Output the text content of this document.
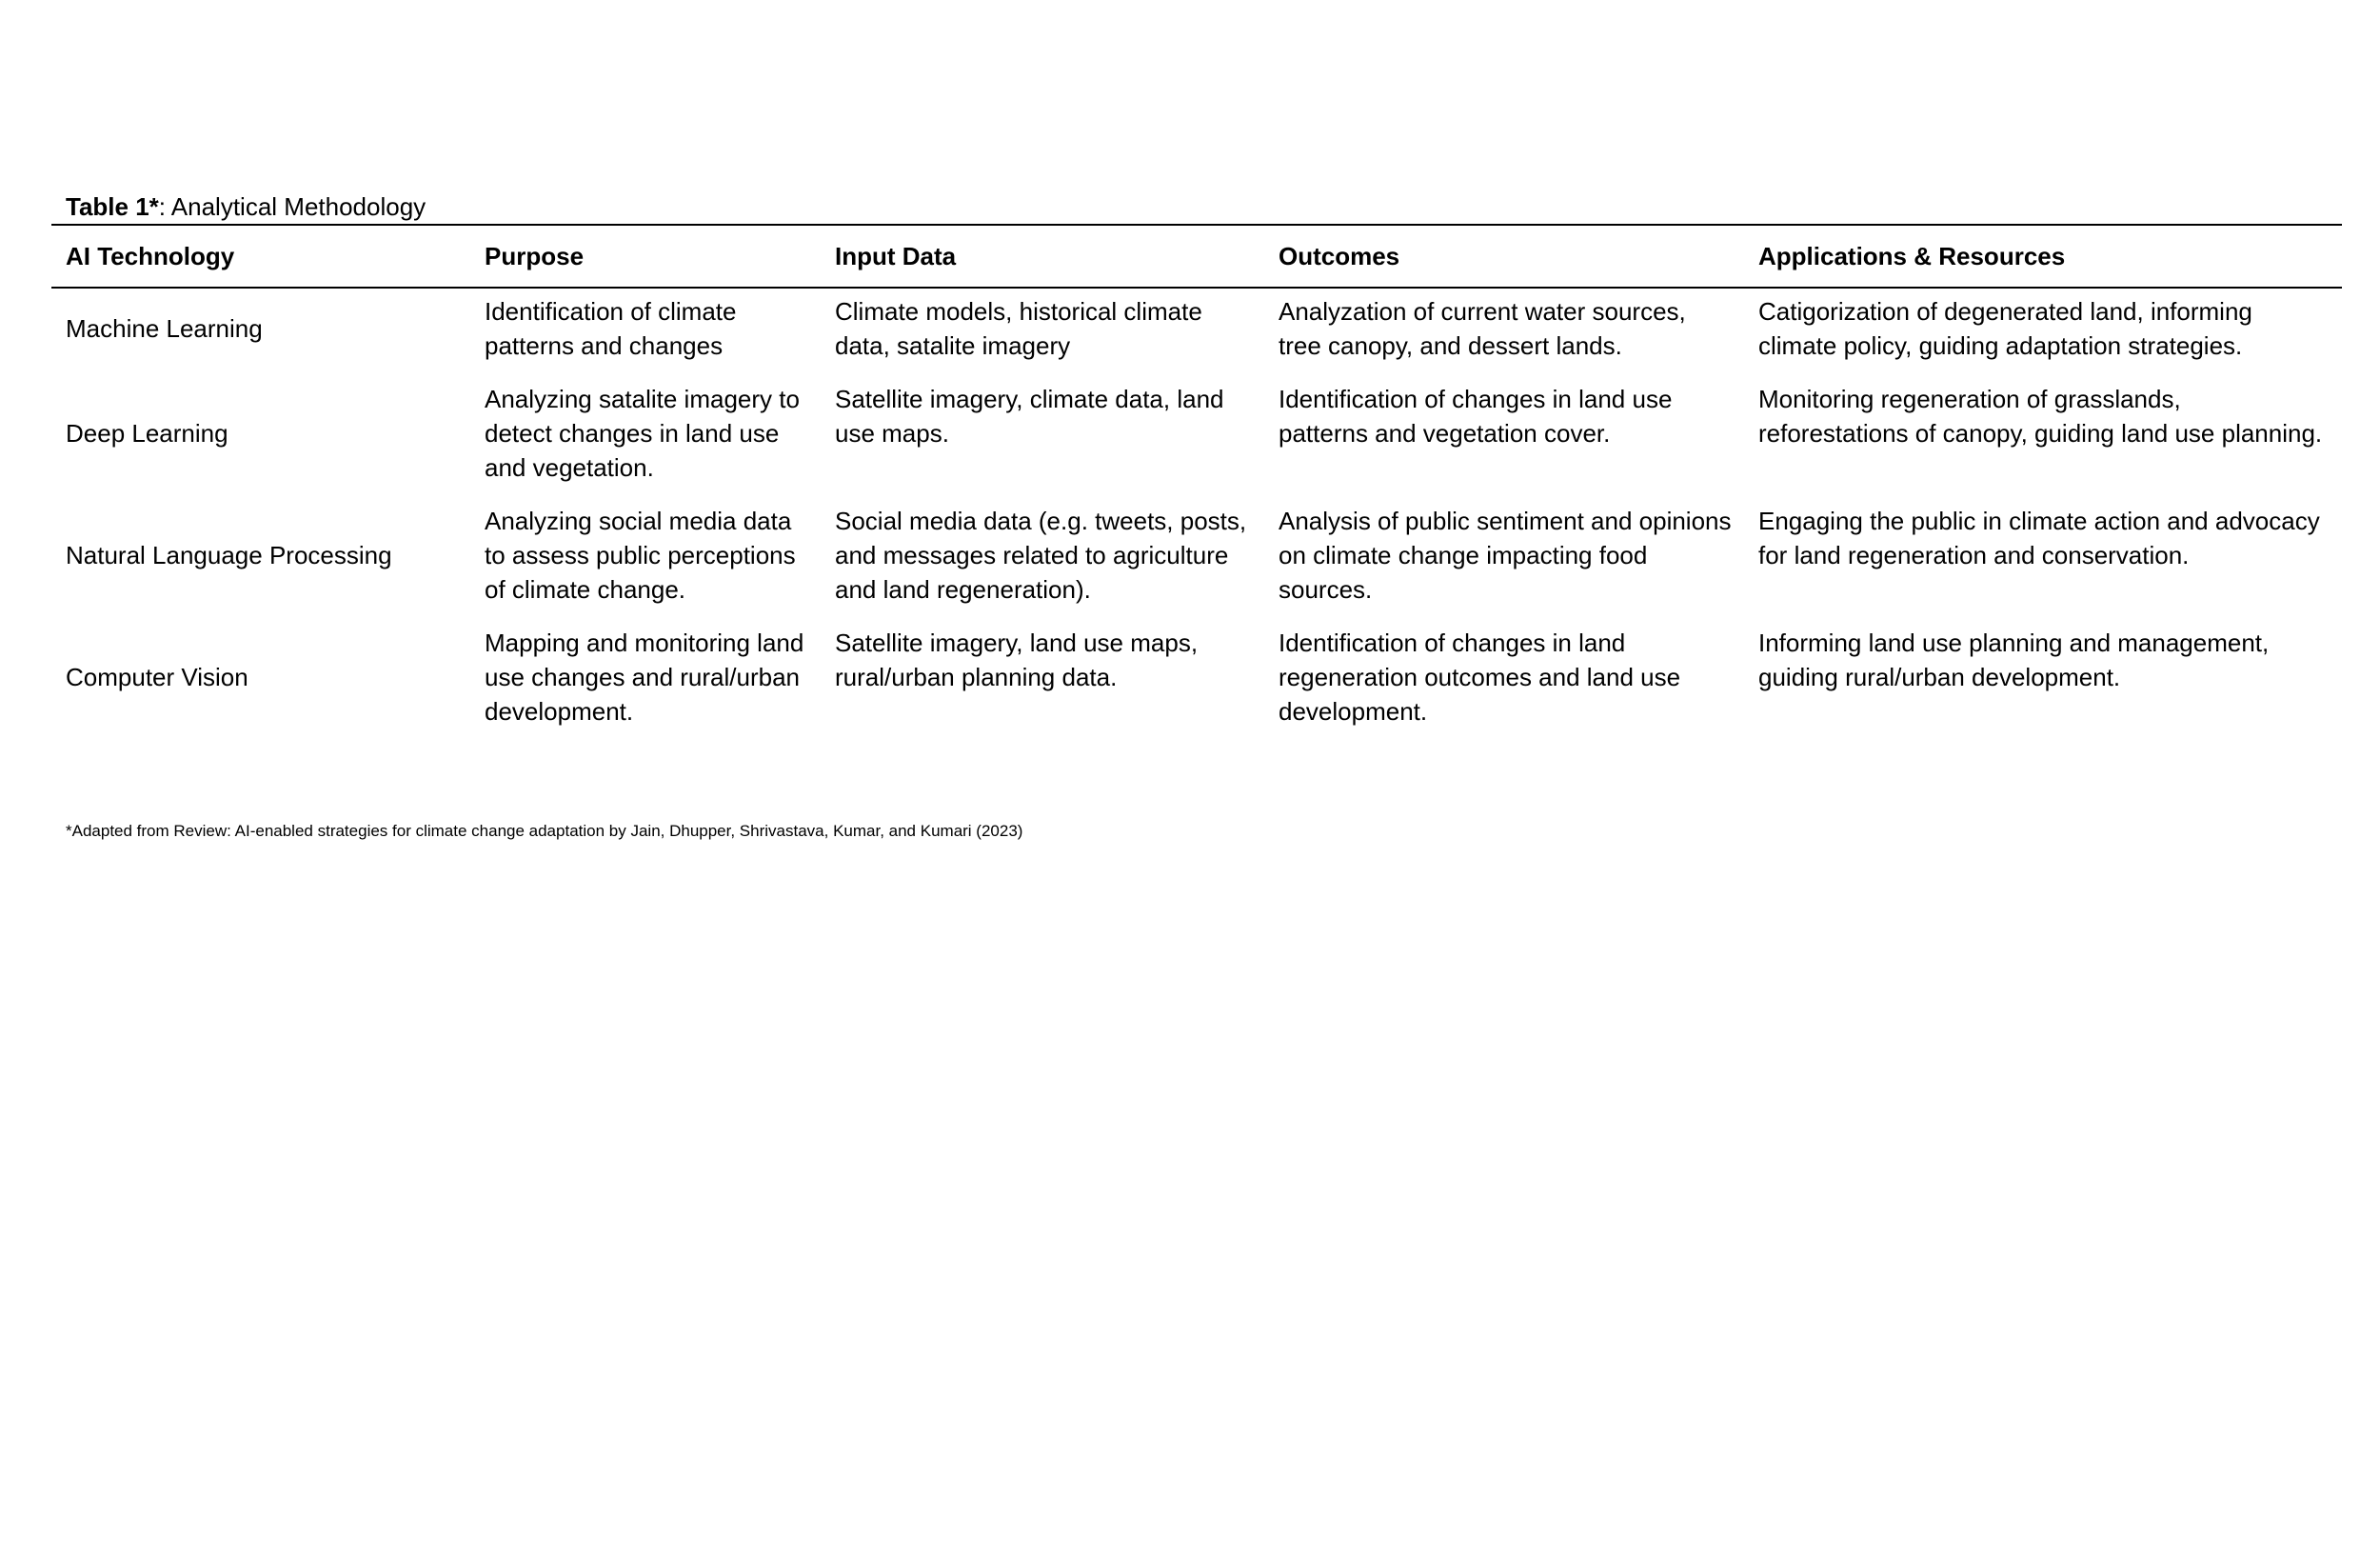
Table 1*: Analytical Methodology
AI Technology	Purpose	Input Data	Outcomes	Applications & Resources
Machine Learning	Identification of climate patterns and changes	Climate models, historical climate data, satalite imagery	Analyzation of current water sources, tree canopy, and dessert lands.	Catigorization of degenerated land, informing climate policy, guiding adaptation strategies.
Deep Learning	Analyzing satalite imagery to detect changes in land use and vegetation.	Satellite imagery, climate data, land use maps.	Identification of changes in land use patterns and vegetation cover.	Monitoring regeneration of grasslands, reforestations of canopy, guiding land use planning.
Natural Language Processing	Analyzing social media data to assess public perceptions of climate change.	Social media data (e.g. tweets, posts, and messages related to agriculture and land regeneration).	Analysis of public sentiment and opinions on climate change impacting food sources.	Engaging the public in climate action and advocacy for land regeneration and conservation.
Computer Vision	Mapping and monitoring land use changes and rural/urban development.	Satellite imagery, land use maps, rural/urban planning data.	Identification of changes in land regeneration outcomes and land use development.	Informing land use planning and management, guiding rural/urban development.
*Adapted from Review: AI-enabled strategies for climate change adaptation by Jain, Dhupper, Shrivastava, Kumar, and Kumari (2023)
